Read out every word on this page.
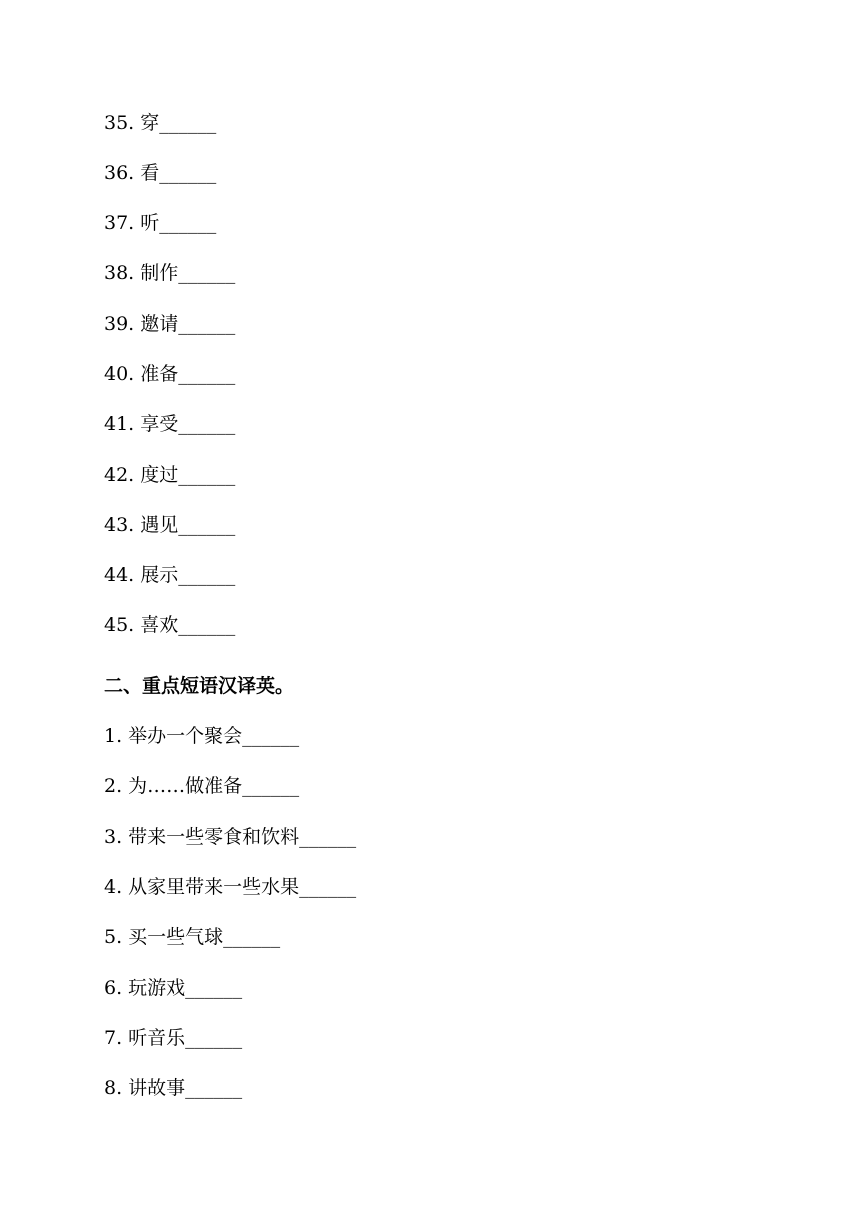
35. 穿______
36. 看______
37. 听______
38. 制作______
39. 邀请______
40. 准备______
41. 享受______
42. 度过______
43. 遇见______
44. 展示______
45. 喜欢______
二、重点短语汉译英。
1. 举办一个聚会______
2. 为……做准备______
3. 带来一些零食和饮料______
4. 从家里带来一些水果______
5. 买一些气球______
6. 玩游戏______
7. 听音乐______
8. 讲故事______
